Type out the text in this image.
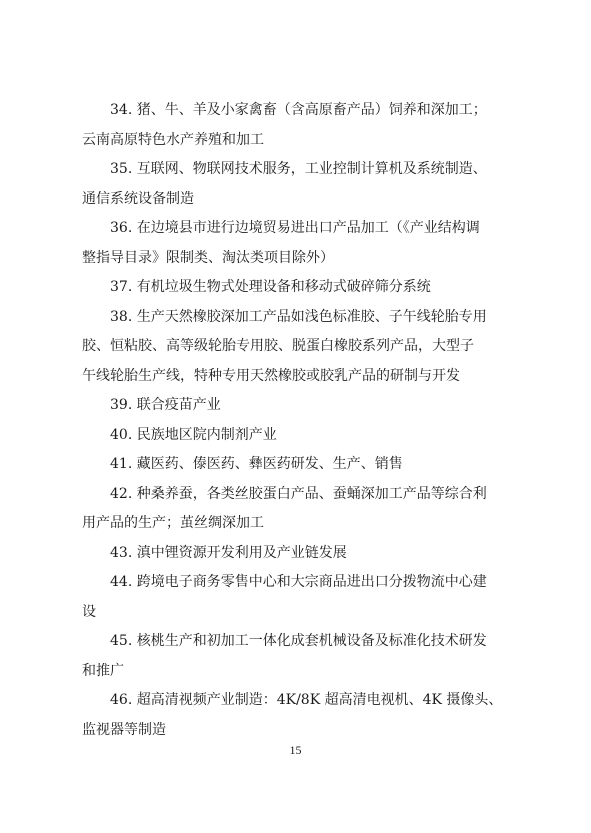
34. 猪、牛、羊及小家禽畜（含高原畜产品）饲养和深加工；
云南高原特色水产养殖和加工

35. 互联网、物联网技术服务，工业控制计算机及系统制造、
通信系统设备制造

36. 在边境县市进行边境贸易进出口产品加工（《产业结构调
整指导目录》限制类、淘汰类项目除外）

37. 有机垃圾生物式处理设备和移动式破碎筛分系统

38. 生产天然橡胶深加工产品如浅色标准胶、子午线轮胎专用
胶、恒粘胶、高等级轮胎专用胶、脱蛋白橡胶系列产品，大型子
午线轮胎生产线，特种专用天然橡胶或胶乳产品的研制与开发

39. 联合疫苗产业

40. 民族地区院内制剂产业

41. 藏医药、傣医药、彝医药研发、生产、销售

42. 种桑养蚕，各类丝胶蛋白产品、蚕蛹深加工产品等综合利
用产品的生产；茧丝绸深加工

43. 滇中锂资源开发利用及产业链发展

44. 跨境电子商务零售中心和大宗商品进出口分拨物流中心建
设

45. 核桃生产和初加工一体化成套机械设备及标准化技术研发
和推广

46. 超高清视频产业制造：4K/8K 超高清电视机、4K 摄像头、
监视器等制造

15
